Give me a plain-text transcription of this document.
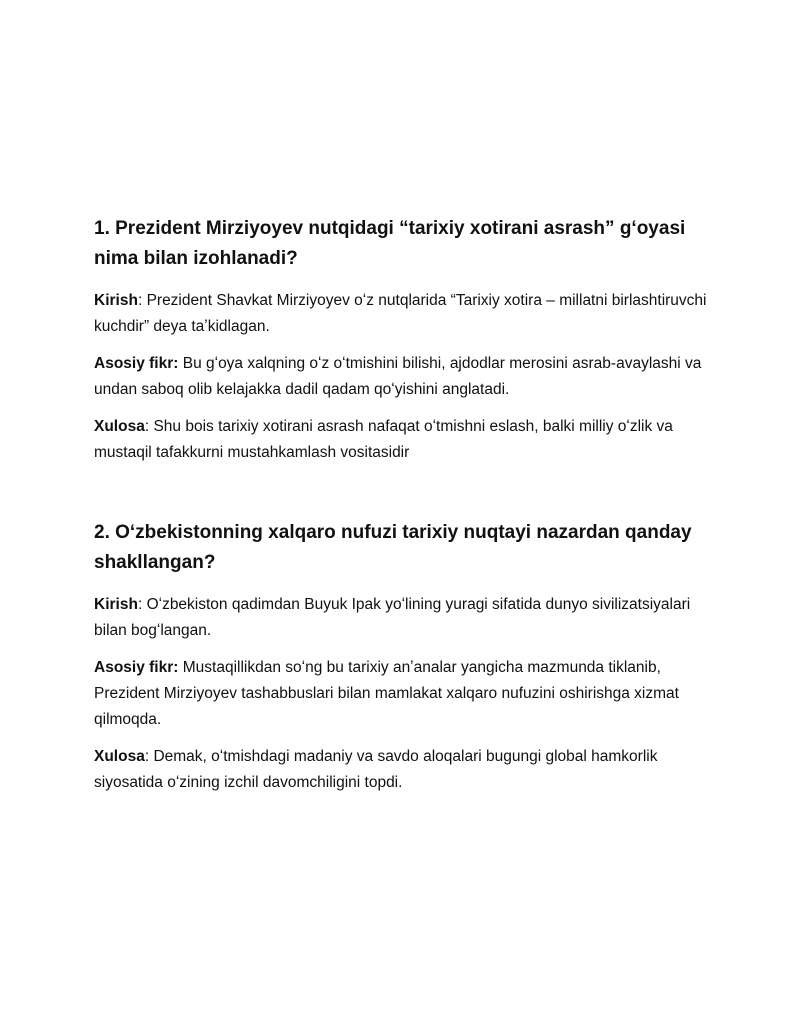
1. Prezident Mirziyoyev nutqidagi “tarixiy xotirani asrash” gʻoyasi nima bilan izohlanadi?

Kirish: Prezident Shavkat Mirziyoyev oʻz nutqlarida “Tarixiy xotira – millatni birlashtiruvchi kuchdir” deya taʼkidlagan.

Asosiy fikr: Bu gʻoya xalqning oʻz oʻtmishini bilishi, ajdodlar merosini asrab-avaylashi va undan saboq olib kelajakka dadil qadam qoʻyishini anglatadi.

Xulosa: Shu bois tarixiy xotirani asrash nafaqat oʻtmishni eslash, balki milliy oʻzlik va mustaqil tafakkurni mustahkamlash vositasidir

2. Oʻzbekistonning xalqaro nufuzi tarixiy nuqtayi nazardan qanday shakllangan?

Kirish: Oʻzbekiston qadimdan Buyuk Ipak yoʻlining yuragi sifatida dunyo sivilizatsiyalari bilan bogʻlangan.

Asosiy fikr: Mustaqillikdan soʻng bu tarixiy anʼanalar yangicha mazmunda tiklanib, Prezident Mirziyoyev tashabbuslari bilan mamlakat xalqaro nufuzini oshirishga xizmat qilmoqda.

Xulosa: Demak, oʻtmishdagi madaniy va savdo aloqalari bugungi global hamkorlik siyosatida oʻzining izchil davomchiligini topdi.
